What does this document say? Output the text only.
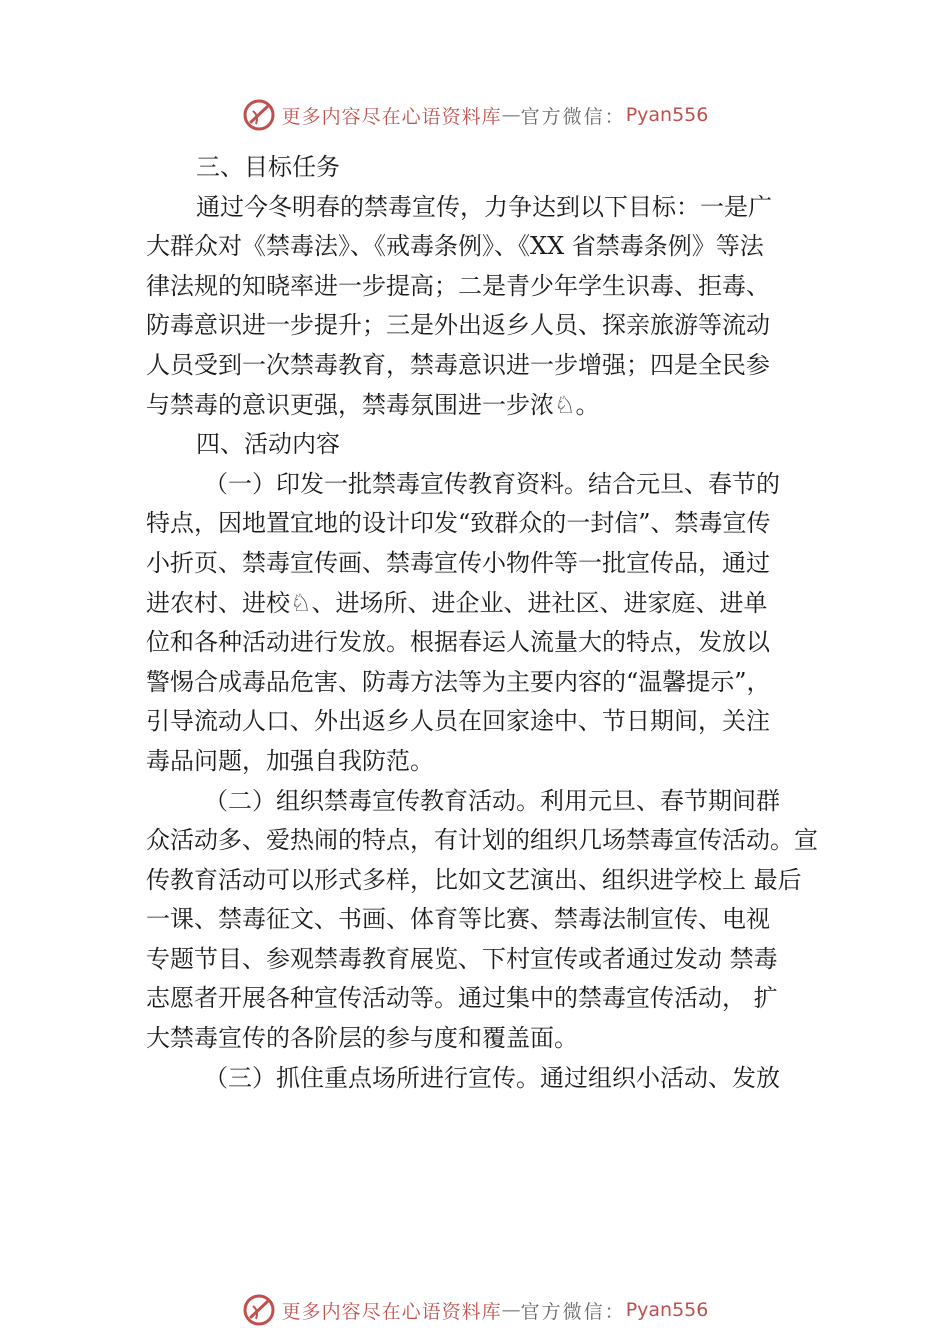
更多内容尽在心语资料库 — 官方微信： Pyan556
三、目标任务
通过今冬明春的禁毒宣传，力争达到以下目标：一是广
大群众对《禁毒法》、《戒毒条例》、《XX 省禁毒条例》等法
律法规的知晓率进一步提高；二是青少年学生识毒、拒毒、
防毒意识进一步提升；三是外出返乡人员、探亲旅游等流动
人员受到一次禁毒教育，禁毒意识进一步增强；四是全民参
与禁毒的意识更强，禁毒氛围进一步浓♘。
四、活动内容
（一）印发一批禁毒宣传教育资料。结合元旦、春节的
特点，因地置宜地的设计印发“致群众的一封信”、禁毒宣传
小折页、禁毒宣传画、禁毒宣传小物件等一批宣传品，通过
进农村、进校♘、进场所、进企业、进社区、进家庭、进单
位和各种活动进行发放。根据春运人流量大的特点，发放以
警惕合成毒品危害、防毒方法等为主要内容的“温馨提示”，
引导流动人口、外出返乡人员在回家途中、节日期间，关注
毒品问题，加强自我防范。
（二）组织禁毒宣传教育活动。利用元旦、春节期间群
众活动多、爱热闹的特点，有计划的组织几场禁毒宣传活动。宣
传教育活动可以形式多样，比如文艺演出、组织进学校上 最后
一课、禁毒征文、书画、体育等比赛、禁毒法制宣传、电视
专题节目、参观禁毒教育展览、下村宣传或者通过发动 禁毒
志愿者开展各种宣传活动等。通过集中的禁毒宣传活动， 扩
大禁毒宣传的各阶层的参与度和覆盖面。
（三）抓住重点场所进行宣传。通过组织小活动、发放
更多内容尽在心语资料库 — 官方微信： Pyan556
